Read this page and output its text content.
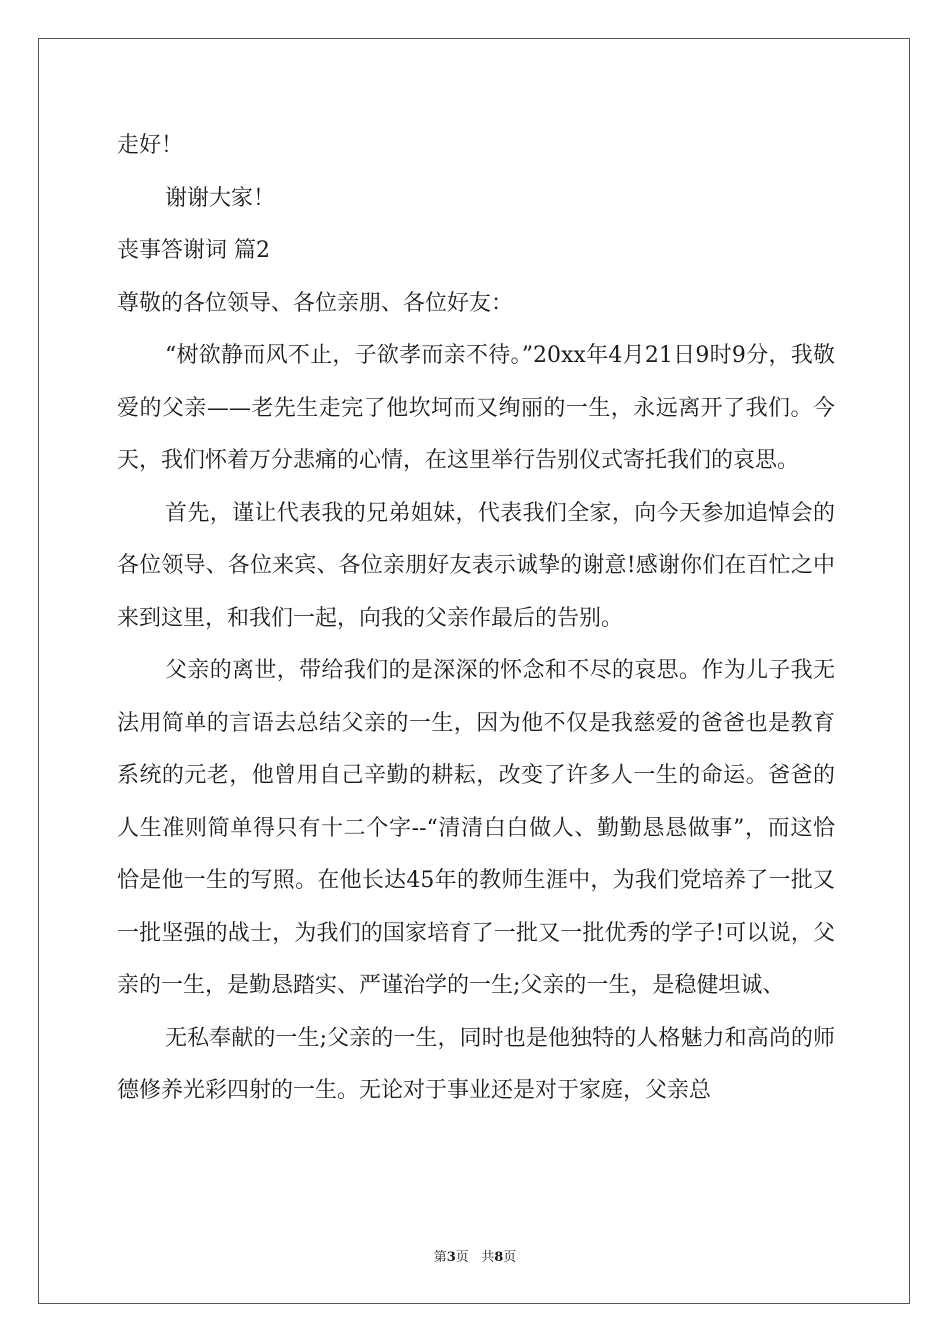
走好！

谢谢大家！

丧事答谢词 篇2

尊敬的各位领导、各位亲朋、各位好友：

“树欲静而风不止，子欲孝而亲不待。”20xx年4月21日9时9分，我敬爱的父亲——老先生走完了他坎坷而又绚丽的一生，永远离开了我们。今天，我们怀着万分悲痛的心情，在这里举行告别仪式寄托我们的哀思。

首先，谨让代表我的兄弟姐妹，代表我们全家，向今天参加追悼会的各位领导、各位来宾、各位亲朋好友表示诚挚的谢意!感谢你们在百忙之中来到这里，和我们一起，向我的父亲作最后的告别。

父亲的离世，带给我们的是深深的怀念和不尽的哀思。作为儿子我无法用简单的言语去总结父亲的一生，因为他不仅是我慈爱的爸爸也是教育系统的元老，他曾用自己辛勤的耕耘，改变了许多人一生的命运。爸爸的人生准则简单得只有十二个字--“清清白白做人、勤勤恳恳做事”，而这恰恰是他一生的写照。在他长达45年的教师生涯中，为我们党培养了一批又一批坚强的战士，为我们的国家培育了一批又一批优秀的学子!可以说，父亲的一生，是勤恳踏实、严谨治学的一生;父亲的一生，是稳健坦诚、

无私奉献的一生;父亲的一生，同时也是他独特的人格魅力和高尚的师德修养光彩四射的一生。无论对于事业还是对于家庭，父亲总

第3页 共8页
